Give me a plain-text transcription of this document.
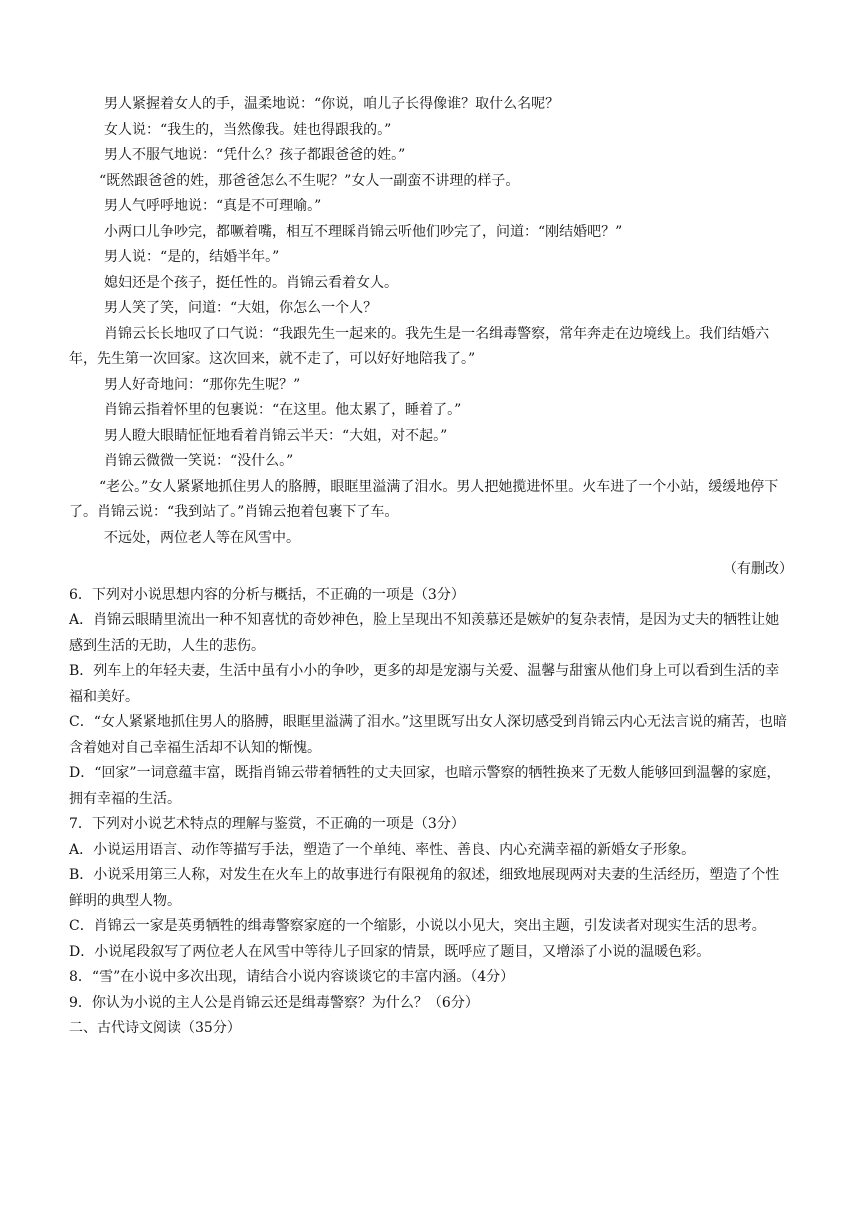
男人紧握着女人的手，温柔地说：“你说，咱儿子长得像谁？取什么名呢？

女人说：“我生的，当然像我。娃也得跟我的。”

男人不服气地说：“凭什么？孩子都跟爸爸的姓。”

“既然跟爸爸的姓，那爸爸怎么不生呢？”女人一副蛮不讲理的样子。

男人气呼呼地说：“真是不可理喻。”

小两口儿争吵完，都噘着嘴，相互不理睬肖锦云听他们吵完了，问道：“刚结婚吧？”

男人说：“是的，结婚半年。”

媳妇还是个孩子，挺任性的。肖锦云看着女人。

男人笑了笑，问道：“大姐，你怎么一个人？

肖锦云长长地叹了口气说：“我跟先生一起来的。我先生是一名缉毒警察，常年奔走在边境线上。我们结婚六年，先生第一次回家。这次回来，就不走了，可以好好地陪我了。”

男人好奇地问：“那你先生呢？”

肖锦云指着怀里的包裹说：“在这里。他太累了，睡着了。”

男人瞪大眼睛怔怔地看着肖锦云半天：“大姐，对不起。”

肖锦云微微一笑说：“没什么。”

“老公。”女人紧紧地抓住男人的胳膊，眼眶里溢满了泪水。男人把她揽进怀里。火车进了一个小站，缓缓地停下了。肖锦云说：“我到站了。”肖锦云抱着包裹下了车。

不远处，两位老人等在风雪中。

（有删改）

6．下列对小说思想内容的分析与概括，不正确的一项是（3分）

A．肖锦云眼睛里流出一种不知喜忧的奇妙神色，脸上呈现出不知羡慕还是嫉妒的复杂表情，是因为丈夫的牺牲让她感到生活的无助，人生的悲伤。

B．列车上的年轻夫妻，生活中虽有小小的争吵，更多的却是宠溺与关爱、温馨与甜蜜从他们身上可以看到生活的幸福和美好。

C．“女人紧紧地抓住男人的胳膊，眼眶里溢满了泪水。”这里既写出女人深切感受到肖锦云内心无法言说的痛苦，也暗含着她对自己幸福生活却不认知的惭愧。

D．“回家”一词意蕴丰富，既指肖锦云带着牺牲的丈夫回家，也暗示警察的牺牲换来了无数人能够回到温馨的家庭，拥有幸福的生活。

7．下列对小说艺术特点的理解与鉴赏，不正确的一项是（3分）

A．小说运用语言、动作等描写手法，塑造了一个单纯、率性、善良、内心充满幸福的新婚女子形象。

B．小说采用第三人称，对发生在火车上的故事进行有限视角的叙述，细致地展现两对夫妻的生活经历，塑造了个性鲜明的典型人物。

C．肖锦云一家是英勇牺牲的缉毒警察家庭的一个缩影，小说以小见大，突出主题，引发读者对现实生活的思考。

D．小说尾段叙写了两位老人在风雪中等待儿子回家的情景，既呼应了题目，又增添了小说的温暖色彩。

8．“雪”在小说中多次出现，请结合小说内容谈谈它的丰富内涵。（4分）

9．你认为小说的主人公是肖锦云还是缉毒警察？为什么？（6分）

二、古代诗文阅读（35分）
